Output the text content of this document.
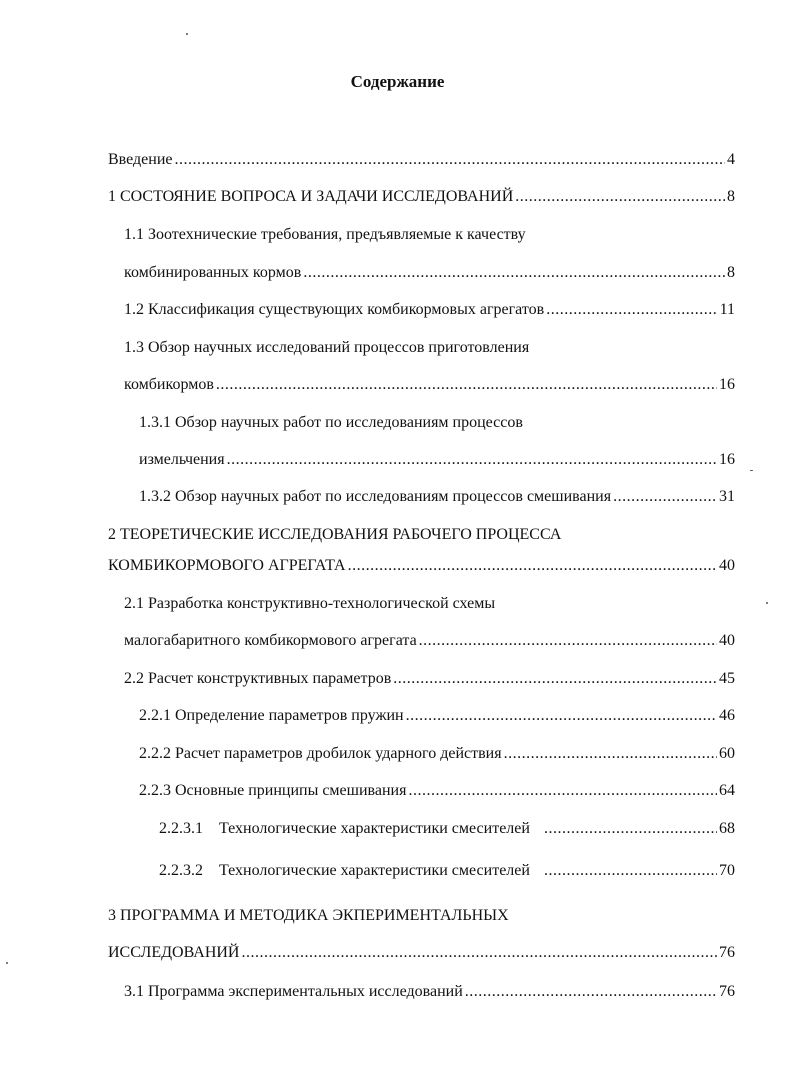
Содержание
Введение .....	4
1 СОСТОЯНИЕ ВОПРОСА И ЗАДАЧИ ИССЛЕДОВАНИЙ .....	8
1.1 Зоотехнические требования, предъявляемые к качеству
комбинированных кормов .....	8
1.2 Классификация существующих комбикормовых агрегатов .....	11
1.3 Обзор научных исследований процессов приготовления
комбикормов .....	16
1.3.1 Обзор научных работ по исследованиям процессов
измельчения .....	16
1.3.2 Обзор научных работ по исследованиям процессов смешивания .....	31
2 ТЕОРЕТИЧЕСКИЕ ИССЛЕДОВАНИЯ РАБОЧЕГО ПРОЦЕССА
КОМБИКОРМОВОГО АГРЕГАТА .....	40
2.1 Разработка конструктивно-технологической схемы
малогабаритного комбикормового агрегата .....	40
2.2 Расчет конструктивных параметров .....	45
2.2.1 Определение параметров пружин .....	46
2.2.2 Расчет параметров дробилок ударного действия .....	60
2.2.3 Основные принципы смешивания .....	64
2.2.3.1    Технологические характеристики смесителей .....	68
2.2.3.2    Технологические характеристики смесителей .....	70
3 ПРОГРАММА И МЕТОДИКА ЭКПЕРИМЕНТАЛЬНЫХ
ИССЛЕДОВАНИЙ .....	76
3.1 Программа экспериментальных исследований .....	76
